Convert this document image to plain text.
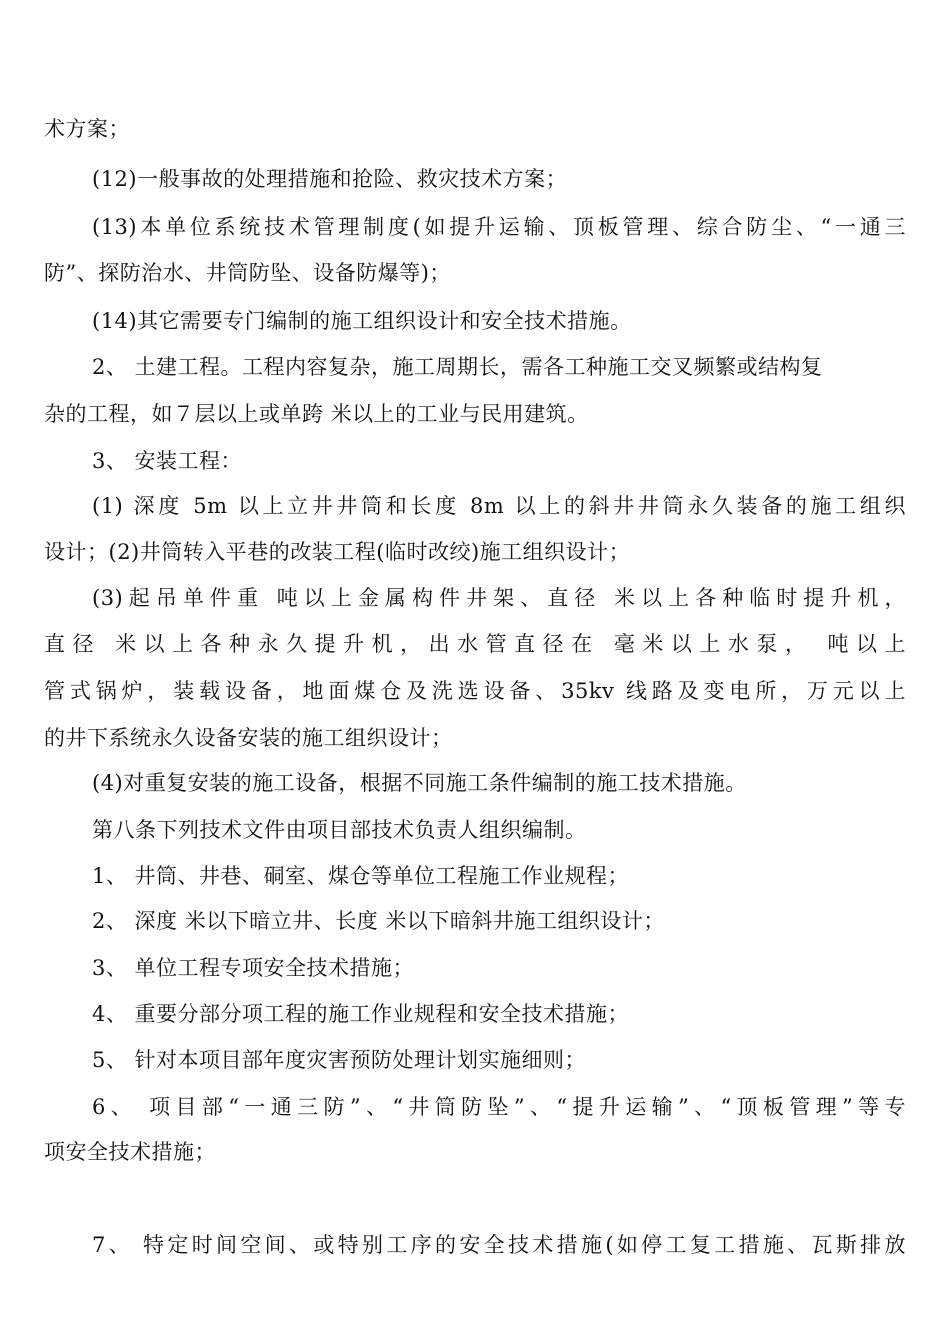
术方案；
(12)一般事故的处理措施和抢险、救灾技术方案；
(13)本单位系统技术管理制度(如提升运输、顶板管理、综合防尘、“一通三
防”、探防治水、井筒防坠、设备防爆等)；
(14)其它需要专门编制的施工组织设计和安全技术措施。
2、 土建工程。工程内容复杂，施工周期长，需各工种施工交叉频繁或结构复
杂的工程，如７层以上或单跨 米以上的工业与民用建筑。
3、 安装工程：
(1) 深度 5m 以上立井井筒和长度 8m 以上的斜井井筒永久装备的施工组织
设计；(2)井筒转入平巷的改装工程(临时改绞)施工组织设计；
(3)起吊单件重 吨以上金属构件井架、直径 米以上各种临时提升机，
直径 米以上各种永久提升机，出水管直径在 毫米以上水泵， 吨以上
管式锅炉，装载设备，地面煤仓及洗选设备、35kv 线路及变电所，万元以上
的井下系统永久设备安装的施工组织设计；
(4)对重复安装的施工设备，根据不同施工条件编制的施工技术措施。
第八条下列技术文件由项目部技术负责人组织编制。
1、 井筒、井巷、硐室、煤仓等单位工程施工作业规程；
2、 深度 米以下暗立井、长度 米以下暗斜井施工组织设计；
3、 单位工程专项安全技术措施；
4、 重要分部分项工程的施工作业规程和安全技术措施；
5、 针对本项目部年度灾害预防处理计划实施细则；
6、 项目部“一通三防”、“井筒防坠”、“提升运输”、“顶板管理”等专
项安全技术措施；
7、 特定时间空间、或特别工序的安全技术措施(如停工复工措施、瓦斯排放
